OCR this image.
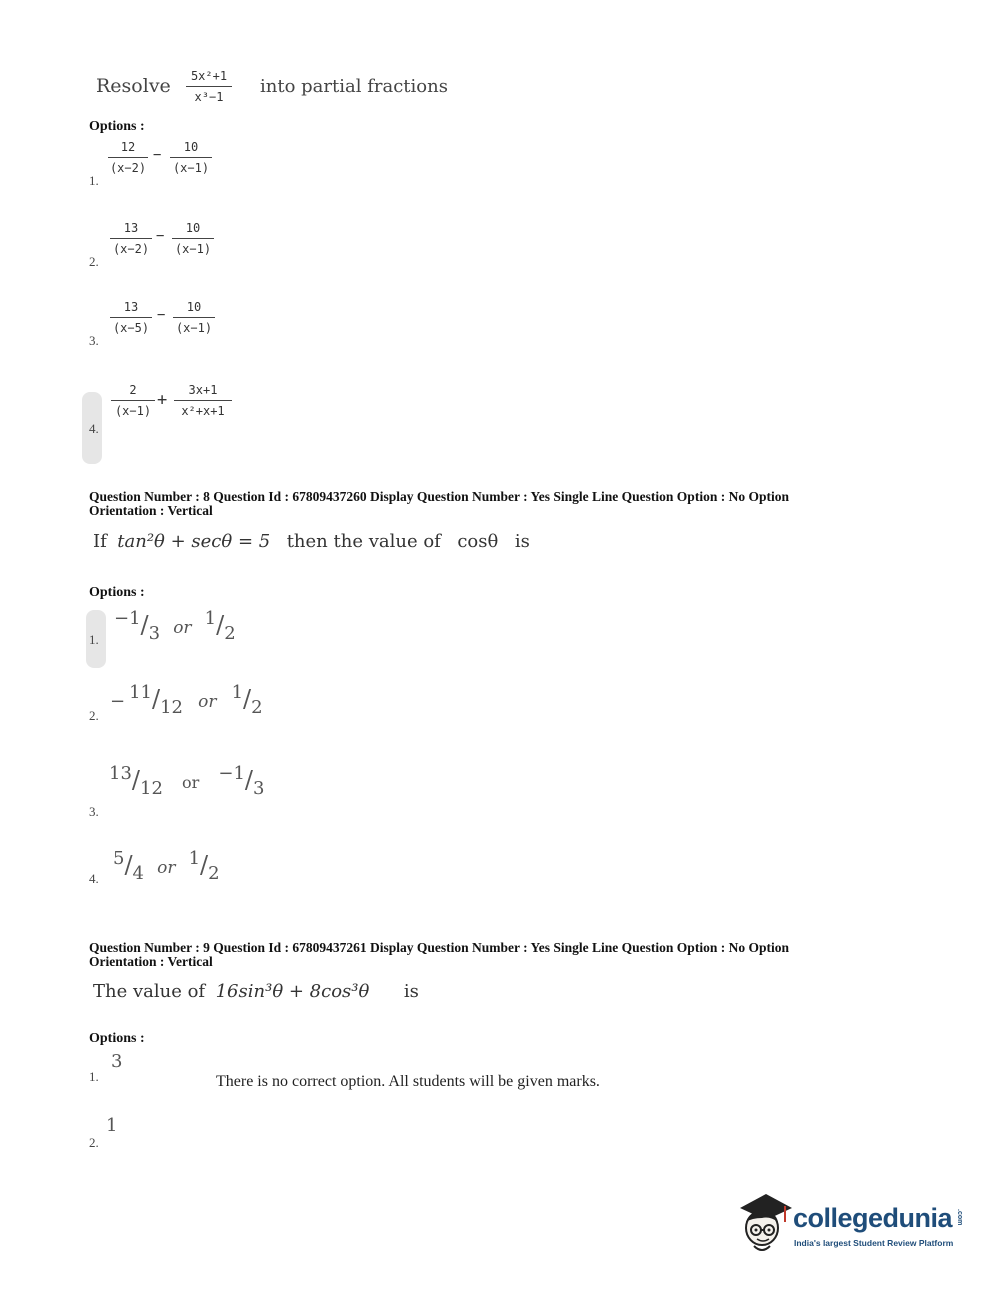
Resolve 5x²+1
x³−1 into partial fractions
Options :
1.
12
(x−2)
− 10
(x−1)
2.
13
(x−2)
− 10
(x−1)
3.
13
(x−5)
− 10
(x−1)
4.
2
(x−1)
+ 3x+1
x²+x+1
Question Number : 8 Question Id : 67809437260 Display Question Number : Yes Single Line Question Option : No Option
Orientation : Vertical
If tan²θ + secθ = 5 then the value of cosθ is
Options :
1.
−1/3 or 1/2
2.
− 11/12 or 1/2
3.
13/12 or −1/3
4.
5/4 or 1/2
Question Number : 9 Question Id : 67809437261 Display Question Number : Yes Single Line Question Option : No Option
Orientation : Vertical
The value of 16sin³θ + 8cos³θ is
Options :
1.
3
There is no correct option. All students will be given marks.
2.
1
collegedunia .com
India's largest Student Review Platform
